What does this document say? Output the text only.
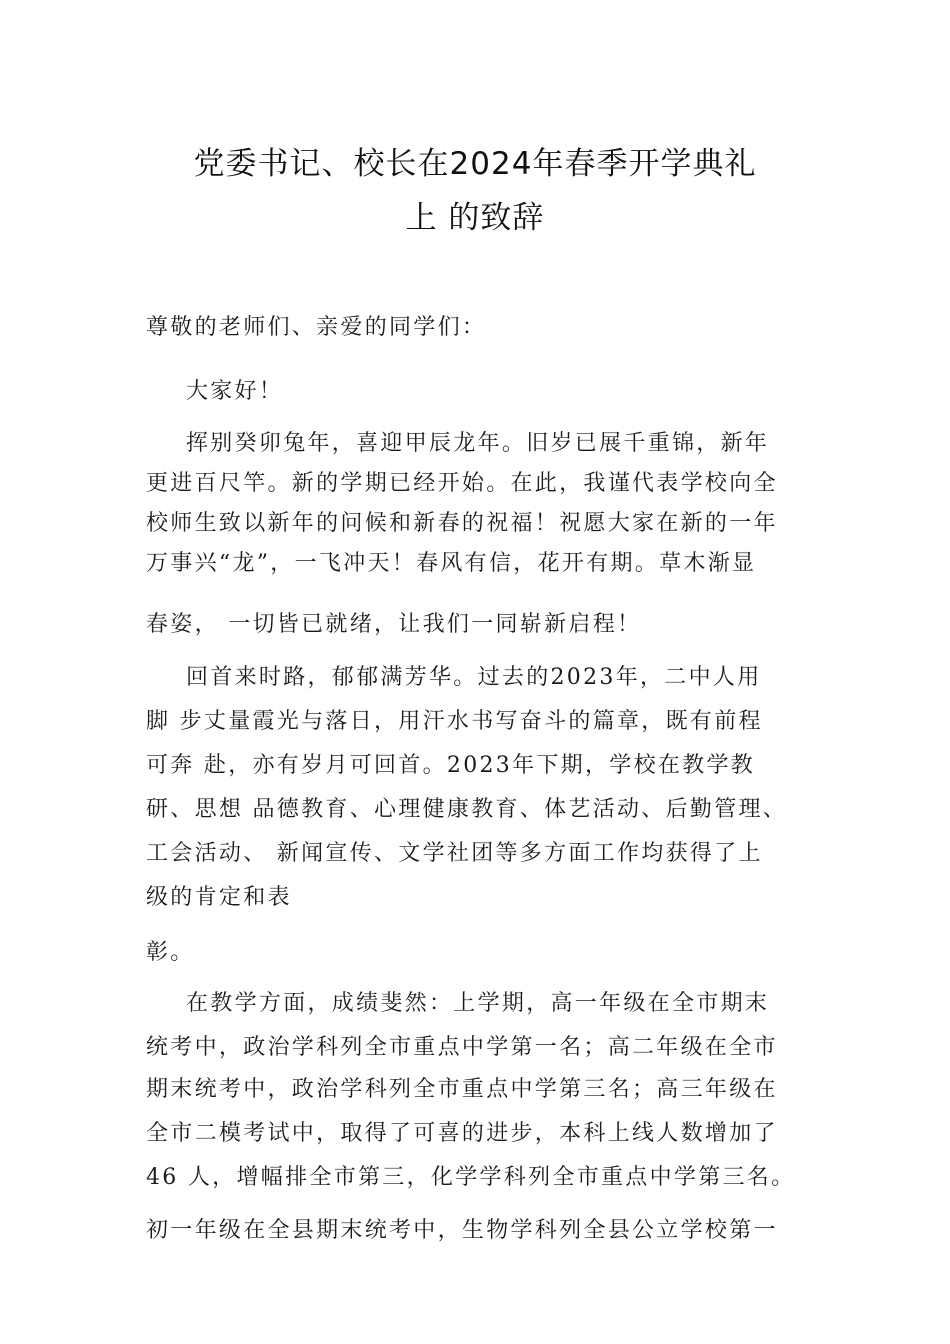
党委书记、校长在2024年春季开学典礼
上 的致辞
尊敬的老师们、亲爱的同学们：
大家好！
挥别癸卯兔年，喜迎甲辰龙年。旧岁已展千重锦，新年
更进百尺竿。新的学期已经开始。在此，我谨代表学校向全
校师生致以新年的问候和新春的祝福！祝愿大家在新的一年
万事兴“龙”，一飞冲天！春风有信，花开有期。草木渐显
春姿， 一切皆已就绪，让我们一同崭新启程！
回首来时路，郁郁满芳华。过去的2023年，二中人用
脚 步丈量霞光与落日，用汗水书写奋斗的篇章，既有前程
可奔 赴，亦有岁月可回首。2023年下期，学校在教学教
研、思想 品德教育、心理健康教育、体艺活动、后勤管理、
工会活动、 新闻宣传、文学社团等多方面工作均获得了上
级的肯定和表
彰。
在教学方面，成绩斐然：上学期，高一年级在全市期末
统考中，政治学科列全市重点中学第一名；高二年级在全市
期末统考中，政治学科列全市重点中学第三名；高三年级在
全市二模考试中，取得了可喜的进步，本科上线人数增加了
46 人，增幅排全市第三，化学学科列全市重点中学第三名。
初一年级在全县期末统考中，生物学科列全县公立学校第一
